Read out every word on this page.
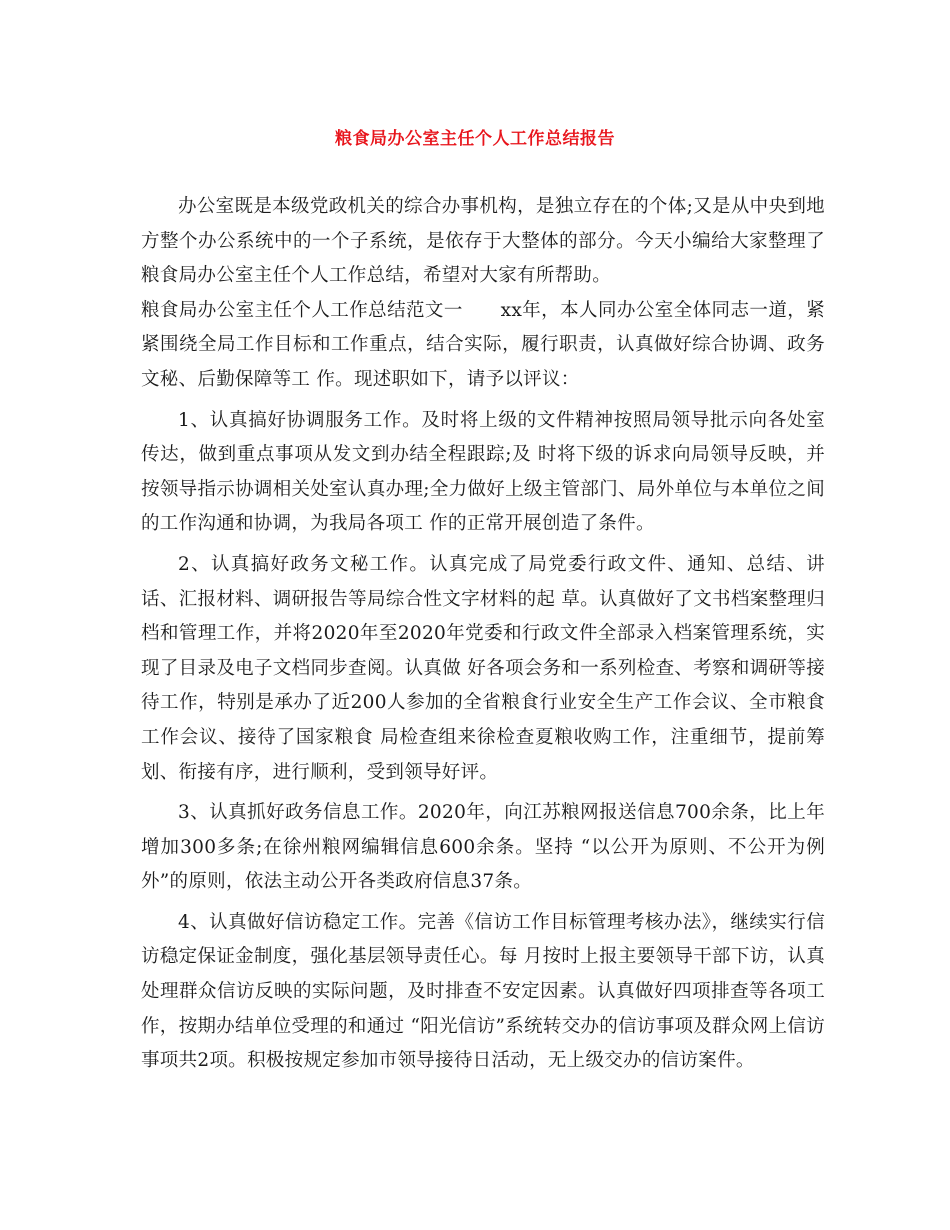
粮食局办公室主任个人工作总结报告

办公室既是本级党政机关的综合办事机构，是独立存在的个体;又是从中央到地方整个办公系统中的一个子系统，是依存于大整体的部分。今天小编给大家整理了粮食局办公室主任个人工作总结，希望对大家有所帮助。

粮食局办公室主任个人工作总结范文一　　xx年，本人同办公室全体同志一道，紧紧围绕全局工作目标和工作重点，结合实际，履行职责，认真做好综合协调、政务文秘、后勤保障等工 作。现述职如下，请予以评议：

1、认真搞好协调服务工作。及时将上级的文件精神按照局领导批示向各处室传达，做到重点事项从发文到办结全程跟踪;及 时将下级的诉求向局领导反映，并按领导指示协调相关处室认真办理;全力做好上级主管部门、局外单位与本单位之间的工作沟通和协调，为我局各项工 作的正常开展创造了条件。

2、认真搞好政务文秘工作。认真完成了局党委行政文件、通知、总结、讲话、汇报材料、调研报告等局综合性文字材料的起 草。认真做好了文书档案整理归档和管理工作，并将2020年至2020年党委和行政文件全部录入档案管理系统，实现了目录及电子文档同步查阅。认真做 好各项会务和一系列检查、考察和调研等接待工作，特别是承办了近200人参加的全省粮食行业安全生产工作会议、全市粮食工作会议、接待了国家粮食 局检查组来徐检查夏粮收购工作，注重细节，提前筹划、衔接有序，进行顺利，受到领导好评。

3、认真抓好政务信息工作。2020年，向江苏粮网报送信息700余条，比上年增加300多条;在徐州粮网编辑信息600余条。坚持 “以公开为原则、不公开为例外”的原则，依法主动公开各类政府信息37条。

4、认真做好信访稳定工作。完善《信访工作目标管理考核办法》，继续实行信访稳定保证金制度，强化基层领导责任心。每 月按时上报主要领导干部下访，认真处理群众信访反映的实际问题，及时排查不安定因素。认真做好四项排查等各项工作，按期办结单位受理的和通过 “阳光信访”系统转交办的信访事项及群众网上信访事项共2项。积极按规定参加市领导接待日活动，无上级交办的信访案件。
